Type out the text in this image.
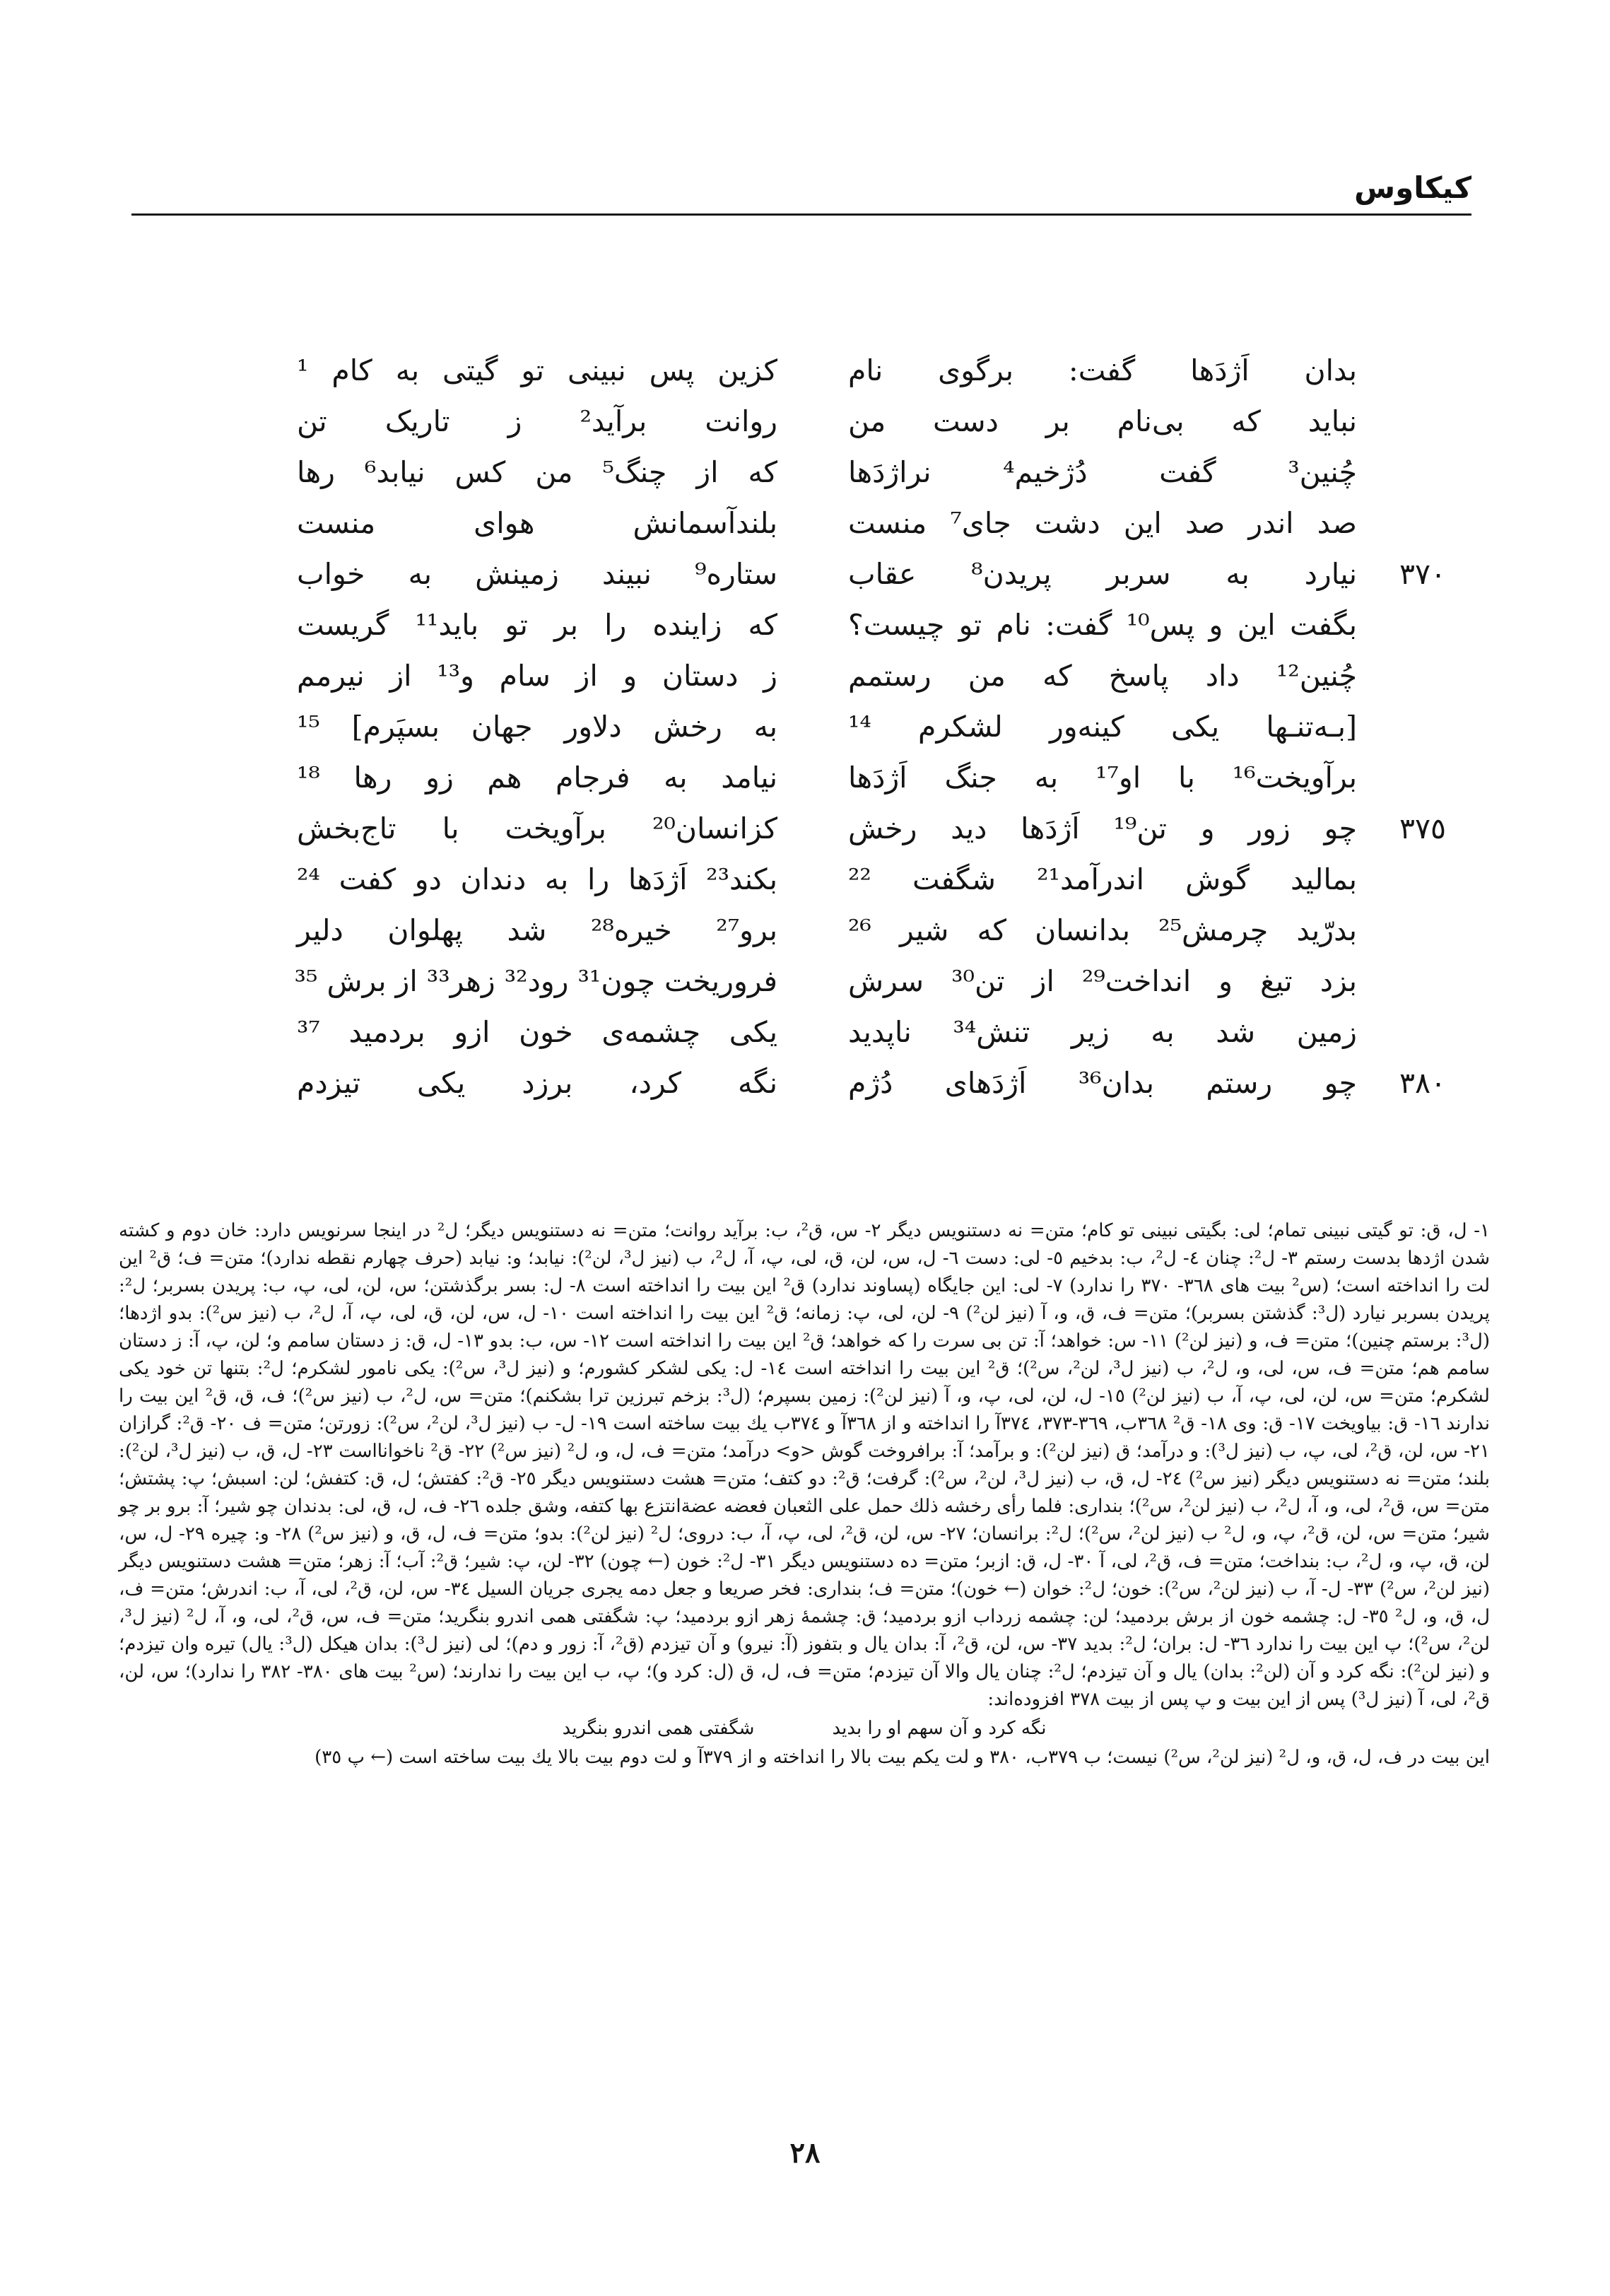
کیکاوس
بدان اَژدَها گفت: برگوی نام
کزین پس نبینی تو گیتی به کام ¹
نباید که بی‌نام بر دست من
روانت برآید² ز تاریک تن
چُنین³ گفت دُژخیم⁴ نراژدَها
که از چنگ⁵ من کس نیابد⁶ رها
صد اندر صد این دشت جای⁷ منست
بلندآسمانش هوای منست
٣٧٠
نیارد به سربر پریدن⁸ عقاب
ستاره⁹ نبیند زمینش به خواب
بگفت این و پس¹⁰ گفت: نام تو چیست؟
که زاینده را بر تو باید¹¹ گریست
چُنین¹² داد پاسخ که من رستمم
ز دستان و از سام و¹³ از نیرمم
[بـه‌تنـها یکی کینه‌ور لشکرم ¹⁴
به رخش دلاور جهان بسپَرم] ¹⁵
برآویخت¹⁶ با او¹⁷ به جنگ اَژدَها
نیامد به فرجام هم زو رها ¹⁸
٣٧٥
چو زور و تن¹⁹ اَژدَها دید رخش
کزانسان²⁰ برآویخت با تاج‌بخش
بمالید گوش اندرآمد²¹ شگفت ²²
بکند²³ اَژدَها را به دندان دو کفت ²⁴
بدرّید چرمش²⁵ بدانسان که شیر ²⁶
برو²⁷ خیره²⁸ شد پهلوان دلیر
بزد تیغ و انداخت²⁹ از تن³⁰ سرش
فروریخت چون³¹ رود³² زهر³³ از برش ³⁵
زمین شد به زیر تنش³⁴ ناپدید
یکی چشمه‌ی خون ازو بردمید ³⁷
٣٨٠
چو رستم بدان³⁶ اَژدَهای دُژم
نگه کرد، برزد یکی تیزدم

١- ل، ق: تو گیتی نبینی تمام؛ لی: بگیتی نبینی تو کام؛ متن= نه دستنویس دیگر ٢- س، ق²، ب: برآید روانت؛ متن= نه دستنویس دیگر؛ ل² در اینجا سرنویس دارد: خان دوم و کشته شدن اژدها بدست رستم ٣- ل²: چنان ٤- ل²، ب: بدخیم ٥- لی: دست ٦- ل، س، لن، ق، لی، پ، آ، ل²، ب (نیز ل³، لن²): نیابد؛ و: نیابد (حرف چهارم نقطه ندارد)؛ متن= ف؛ ق² این لت را انداخته است؛ (س² بیت های ٣٦٨- ٣٧٠ را ندارد) ٧- لی: این جایگاه (پساوند ندارد) ق² این بیت را انداخته است ٨- ل: بسر برگذشتن؛ س، لن، لی، پ، ب: پریدن بسربر؛ ل²: پریدن بسربر نیارد (ل³: گذشتن بسربر)؛ متن= ف، ق، و، آ (نیز لن²) ٩- لن، لی، پ: زمانه؛ ق² این بیت را انداخته است ١٠- ل، س، لن، ق، لی، پ، آ، ل²، ب (نیز س²): بدو اژدها؛ (ل³: برستم چنین)؛ متن= ف، و (نیز لن²) ١١- س: خواهد؛ آ: تن بی سرت را که خواهد؛ ق² این بیت را انداخته است ١٢- س، ب: بدو ١٣- ل، ق: ز دستان سامم و؛ لن، پ، آ: ز دستان سامم هم؛ متن= ف، س، لی، و، ل²، ب (نیز ل³، لن²، س²)؛ ق² این بیت را انداخته است ١٤- ل: یکی لشکر کشورم؛ و (نیز ل³، س²): یکی نامور لشکرم؛ ل²: بتنها تن خود یکی لشکرم؛ متن= س، لن، لی، پ، آ، ب (نیز لن²) ١٥- ل، لن، لی، پ، و، آ (نیز لن²): زمین بسپرم؛ (ل³: بزخم تبرزین ترا بشکنم)؛ متن= س، ل²، ب (نیز س²)؛ ف، ق، ق² این بیت را ندارند ١٦- ق: بیاویخت ١٧- ق: وی ١٨- ق² ٣٦٨ب، ٣٦٩-٣٧٣، ٣٧٤آ را انداخته و از ٣٦٨آ و ٣٧٤ب یك بیت ساخته است ١٩- ل- ب (نیز ل³، لن²، س²): زورتن؛ متن= ف ٢٠- ق²: گرازان ٢١- س، لن، ق²، لی، پ، ب (نیز ل³): و درآمد؛ ق (نیز لن²): و برآمد؛ آ: برافروخت گوش <و> درآمد؛ متن= ف، ل، و، ل² (نیز س²) ٢٢- ق² ناخوانااست ٢٣- ل، ق، ب (نیز ل³، لن²): بلند؛ متن= نه دستنویس دیگر (نیز س²) ٢٤- ل، ق، ب (نیز ل³، لن²، س²): گرفت؛ ق²: دو کتف؛ متن= هشت دستنویس دیگر ٢٥- ق²: کفتش؛ ل، ق: کتفش؛ لن: اسبش؛ پ: پشتش؛ متن= س، ق²، لی، و، آ، ل²، ب (نیز لن²، س²)؛ بنداری: فلما رأی رخشه ذلك حمل علی الثعبان فعضه عضةانتزع بها کتفه، وشق جلده ٢٦- ف، ل، ق، لی: بدندان چو شیر؛ آ: برو بر چو شیر؛ متن= س، لن، ق²، پ، و، ل² ب (نیز لن²، س²)؛ ل²: برانسان؛ ٢٧- س، لن، ق²، لی، پ، آ، ب: دروی؛ ل² (نیز لن²): بدو؛ متن= ف، ل، ق، و (نیز س²) ٢٨- و: چیره ٢٩- ل، س، لن، ق، پ، و، ل²، ب: بنداخت؛ متن= ف، ق²، لی، آ ٣٠- ل، ق: ازبر؛ متن= ده دستنویس دیگر ٣١- ل²: خون (← چون) ٣٢- لن، پ: شیر؛ ق²: آب؛ آ: زهر؛ متن= هشت دستنویس دیگر (نیز لن²، س²) ٣٣- ل- آ، ب (نیز لن²، س²): خون؛ ل²: خوان (← خون)؛ متن= ف؛ بنداری: فخر صریعا و جعل دمه یجری جریان السیل ٣٤- س، لن، ق²، لی، آ، ب: اندرش؛ متن= ف، ل، ق، و، ل² ٣٥- ل: چشمه خون از برش بردمید؛ لن: چشمه زرداب ازو بردمید؛ ق: چشمهٔ زهر ازو بردمید؛ پ: شگفتی همی اندرو بنگرید؛ متن= ف، س، ق²، لی، و، آ، ل² (نیز ل³، لن²، س²)؛ پ این بیت را ندارد ٣٦- ل: بران؛ ل²: بدید ٣٧- س، لن، ق²، آ: بدان یال و بتفوز (آ: نیرو) و آن تیزدم (ق²، آ: زور و دم)؛ لی (نیز ل³): بدان هیکل (ل³: یال) تیره وان تیزدم؛ و (نیز لن²): نگه کرد و آن (لن²: بدان) یال و آن تیزدم؛ ل²: چنان یال والا آن تیزدم؛ متن= ف، ل، ق (ل: کرد و)؛ پ، ب این بیت را ندارند؛ (س² بیت های ٣٨٠- ٣٨٢ را ندارد)؛ س، لن، ق²، لی، آ (نیز ل³) پس از این بیت و پ پس از بیت ٣٧٨ افزوده‌اند:

نگه کرد و آن سهم او را بدید
شگفتی همی اندرو بنگرید

این بیت در ف، ل، ق، و، ل² (نیز لن²، س²) نیست؛ ب ٣٧٩ب، ٣٨٠ و لت یکم بیت بالا را انداخته و از ٣٧٩آ و لت دوم بیت بالا یك بیت ساخته است (← پ ٣٥)

٢٨
